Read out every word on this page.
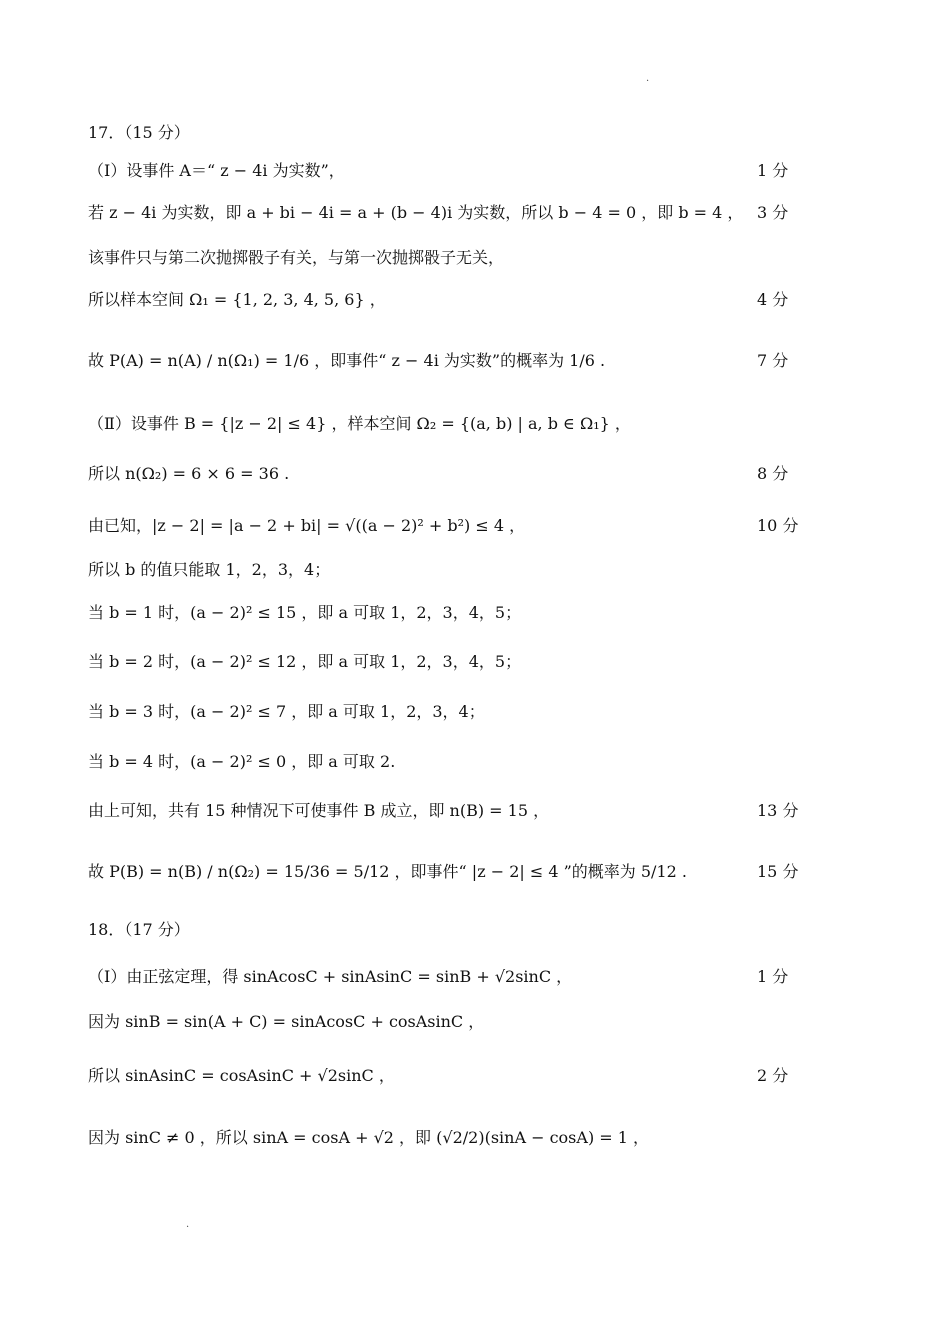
·
17．（15 分）
（Ⅰ）设事件 A＝“ z − 4i 为实数”，	1 分
若 z − 4i 为实数，即 a + bi − 4i = a + (b − 4)i 为实数，所以 b − 4 = 0 ，即 b = 4 ， 3 分
该事件只与第二次抛掷骰子有关，与第一次抛掷骰子无关，
所以样本空间 Ω₁ = {1, 2, 3, 4, 5, 6} ，	4 分
故 P(A) = n(A) / n(Ω₁) = 1/6 ，即事件“ z − 4i 为实数”的概率为 1/6 .	7 分
（Ⅱ）设事件 B = {|z − 2| ≤ 4} ，样本空间 Ω₂ = {(a, b) | a, b ∈ Ω₁} ，
所以 n(Ω₂) = 6 × 6 = 36 .	8 分
由已知，|z − 2| = |a − 2 + bi| = √((a − 2)² + b²) ≤ 4 ，	10 分
所以 b 的值只能取 1，2，3，4；
当 b = 1 时，(a − 2)² ≤ 15 ，即 a 可取 1，2，3，4，5；
当 b = 2 时，(a − 2)² ≤ 12 ，即 a 可取 1，2，3，4，5；
当 b = 3 时，(a − 2)² ≤ 7 ，即 a 可取 1，2，3，4；
当 b = 4 时，(a − 2)² ≤ 0 ，即 a 可取 2.
由上可知，共有 15 种情况下可使事件 B 成立，即 n(B) = 15 ，	13 分
故 P(B) = n(B) / n(Ω₂) = 15/36 = 5/12 ，即事件“ |z − 2| ≤ 4 ”的概率为 5/12 .	15 分
18．（17 分）
（Ⅰ）由正弦定理，得 sinAcosC + sinAsinC = sinB + √2sinC ，	1 分
因为 sinB = sin(A + C) = sinAcosC + cosAsinC ，
所以 sinAsinC = cosAsinC + √2sinC ，	2 分
因为 sinC ≠ 0 ，所以 sinA = cosA + √2 ，即 (√2/2)(sinA − cosA) = 1 ，
·
